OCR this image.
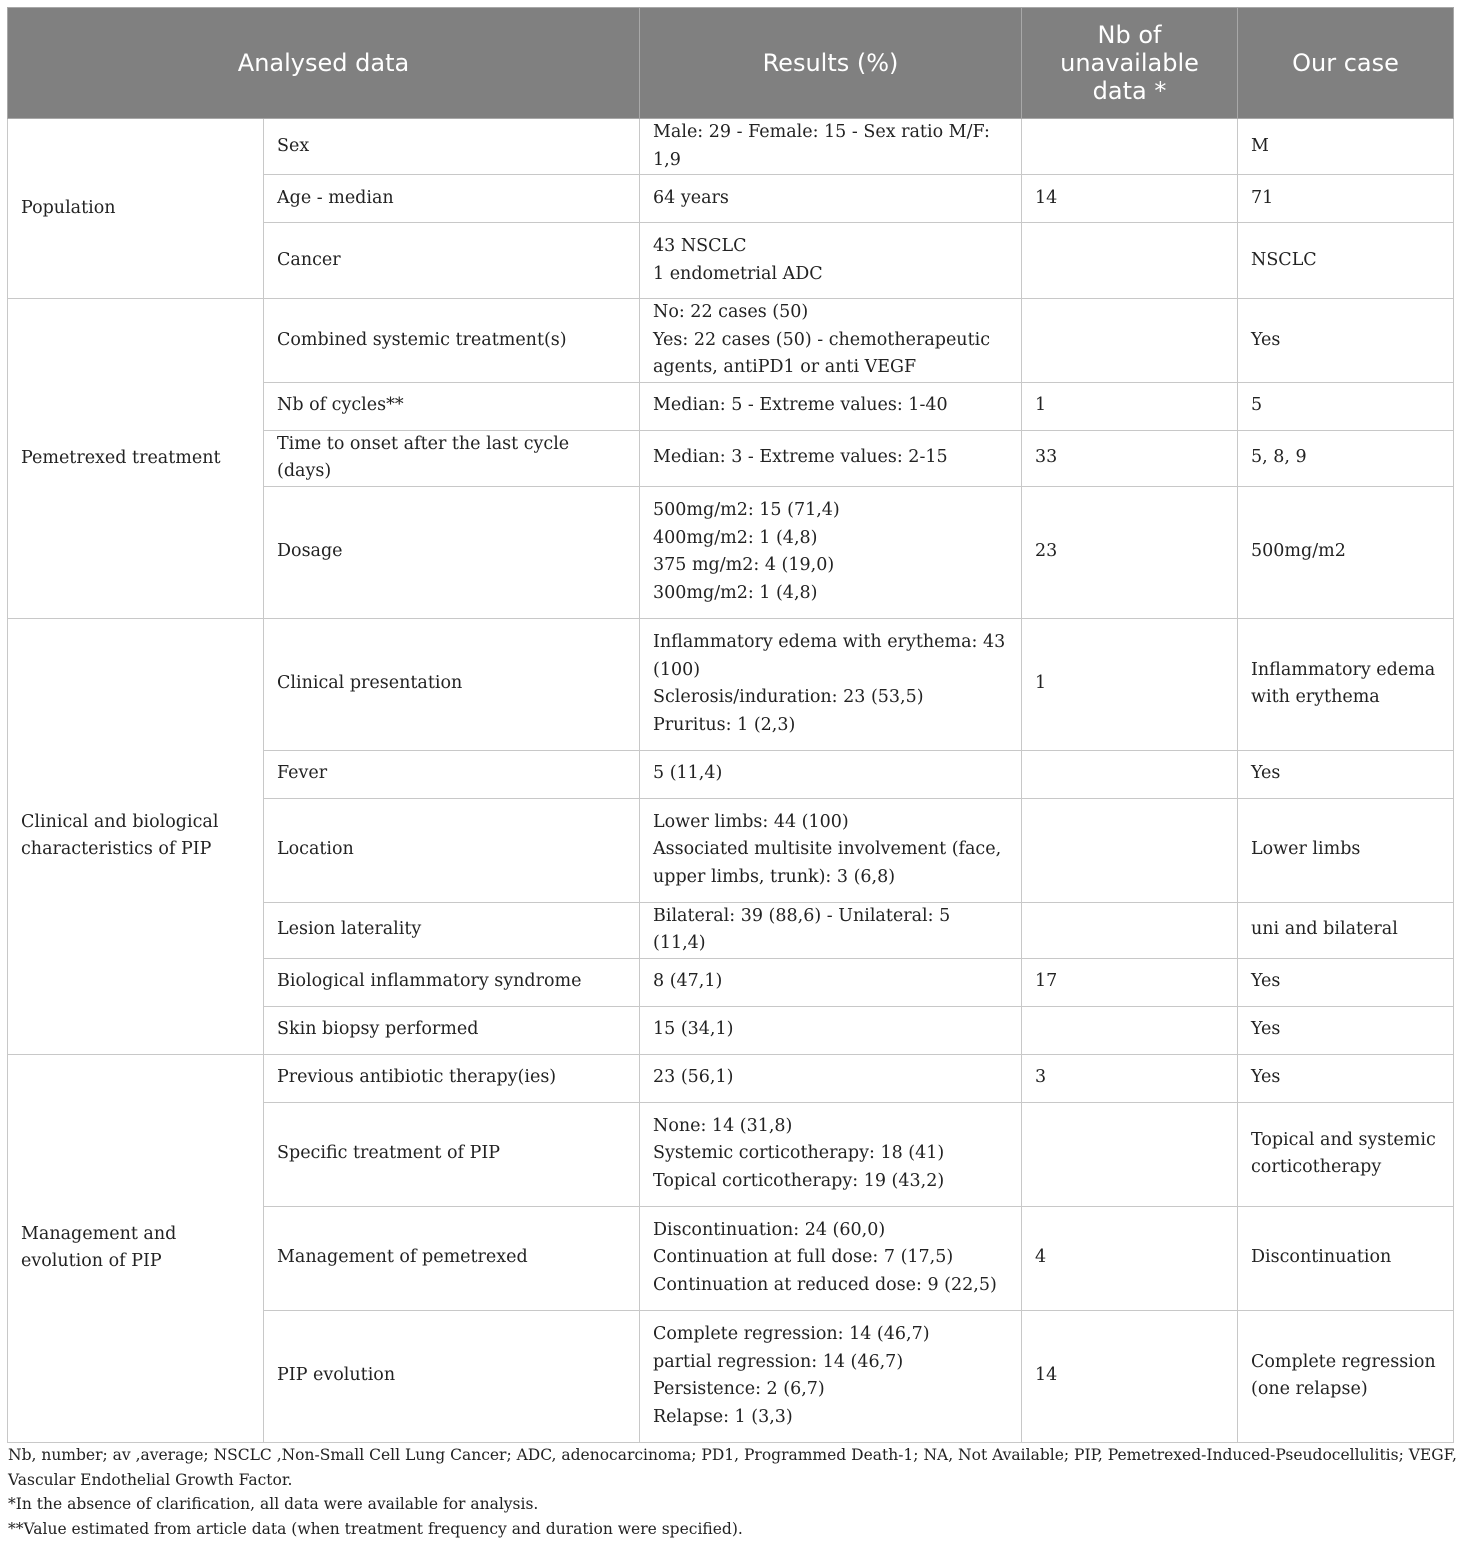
Analysed data		Results (%)	Nb of unavailable data *	Our case
Population	Sex	Male: 29 - Female: 15 - Sex ratio M/F: 1,9		M

	Age - median	64 years	14	71

	Cancer	43 NSCLC
1 endometrial ADC		NSCLC

Pemetrexed treatment	Combined systemic treatment(s)	No: 22 cases (50)
Yes: 22 cases (50) - chemotherapeutic
agents, antiPD1 or anti VEGF		Yes

	Nb of cycles**	Median: 5 - Extreme values: 1-40	1	5

	Time to onset after the last cycle (days)	Median: 3 - Extreme values: 2-15	33	5, 8, 9

	Dosage	500mg/m2: 15 (71,4)
400mg/m2: 1 (4,8)
375 mg/m2: 4 (19,0)
300mg/m2: 1 (4,8)	23	500mg/m2

Clinical and biological characteristics of PIP	Clinical presentation	Inflammatory edema with erythema: 43
(100)
Sclerosis/induration: 23 (53,5)
Pruritus: 1 (2,3)	1	Inflammatory edema
with erythema

	Fever	5 (11,4)		Yes

	Location	Lower limbs: 44 (100)
Associated multisite involvement (face,
upper limbs, trunk): 3 (6,8)		Lower limbs

	Lesion laterality	Bilateral: 39 (88,6) - Unilateral: 5 (11,4)		uni and bilateral

	Biological inflammatory syndrome	8 (47,1)	17	Yes

	Skin biopsy performed	15 (34,1)		Yes

Management and evolution of PIP	Previous antibiotic therapy(ies)	23 (56,1)	3	Yes

	Specific treatment of PIP	None: 14 (31,8)
Systemic corticotherapy: 18 (41)
Topical corticotherapy: 19 (43,2)		Topical and systemic
corticotherapy

	Management of pemetrexed	Discontinuation: 24 (60,0)
Continuation at full dose: 7 (17,5)
Continuation at reduced dose: 9 (22,5)	4	Discontinuation

	PIP evolution	Complete regression: 14 (46,7)
partial regression: 14 (46,7)
Persistence: 2 (6,7)
Relapse: 1 (3,3)	14	Complete regression
(one relapse)

Nb, number; av ,average; NSCLC ,Non-Small Cell Lung Cancer; ADC, adenocarcinoma; PD1, Programmed Death-1; NA, Not Available; PIP, Pemetrexed-Induced-Pseudocellulitis; VEGF, Vascular Endothelial Growth Factor.

*In the absence of clarification, all data were available for analysis.

**Value estimated from article data (when treatment frequency and duration were specified).
